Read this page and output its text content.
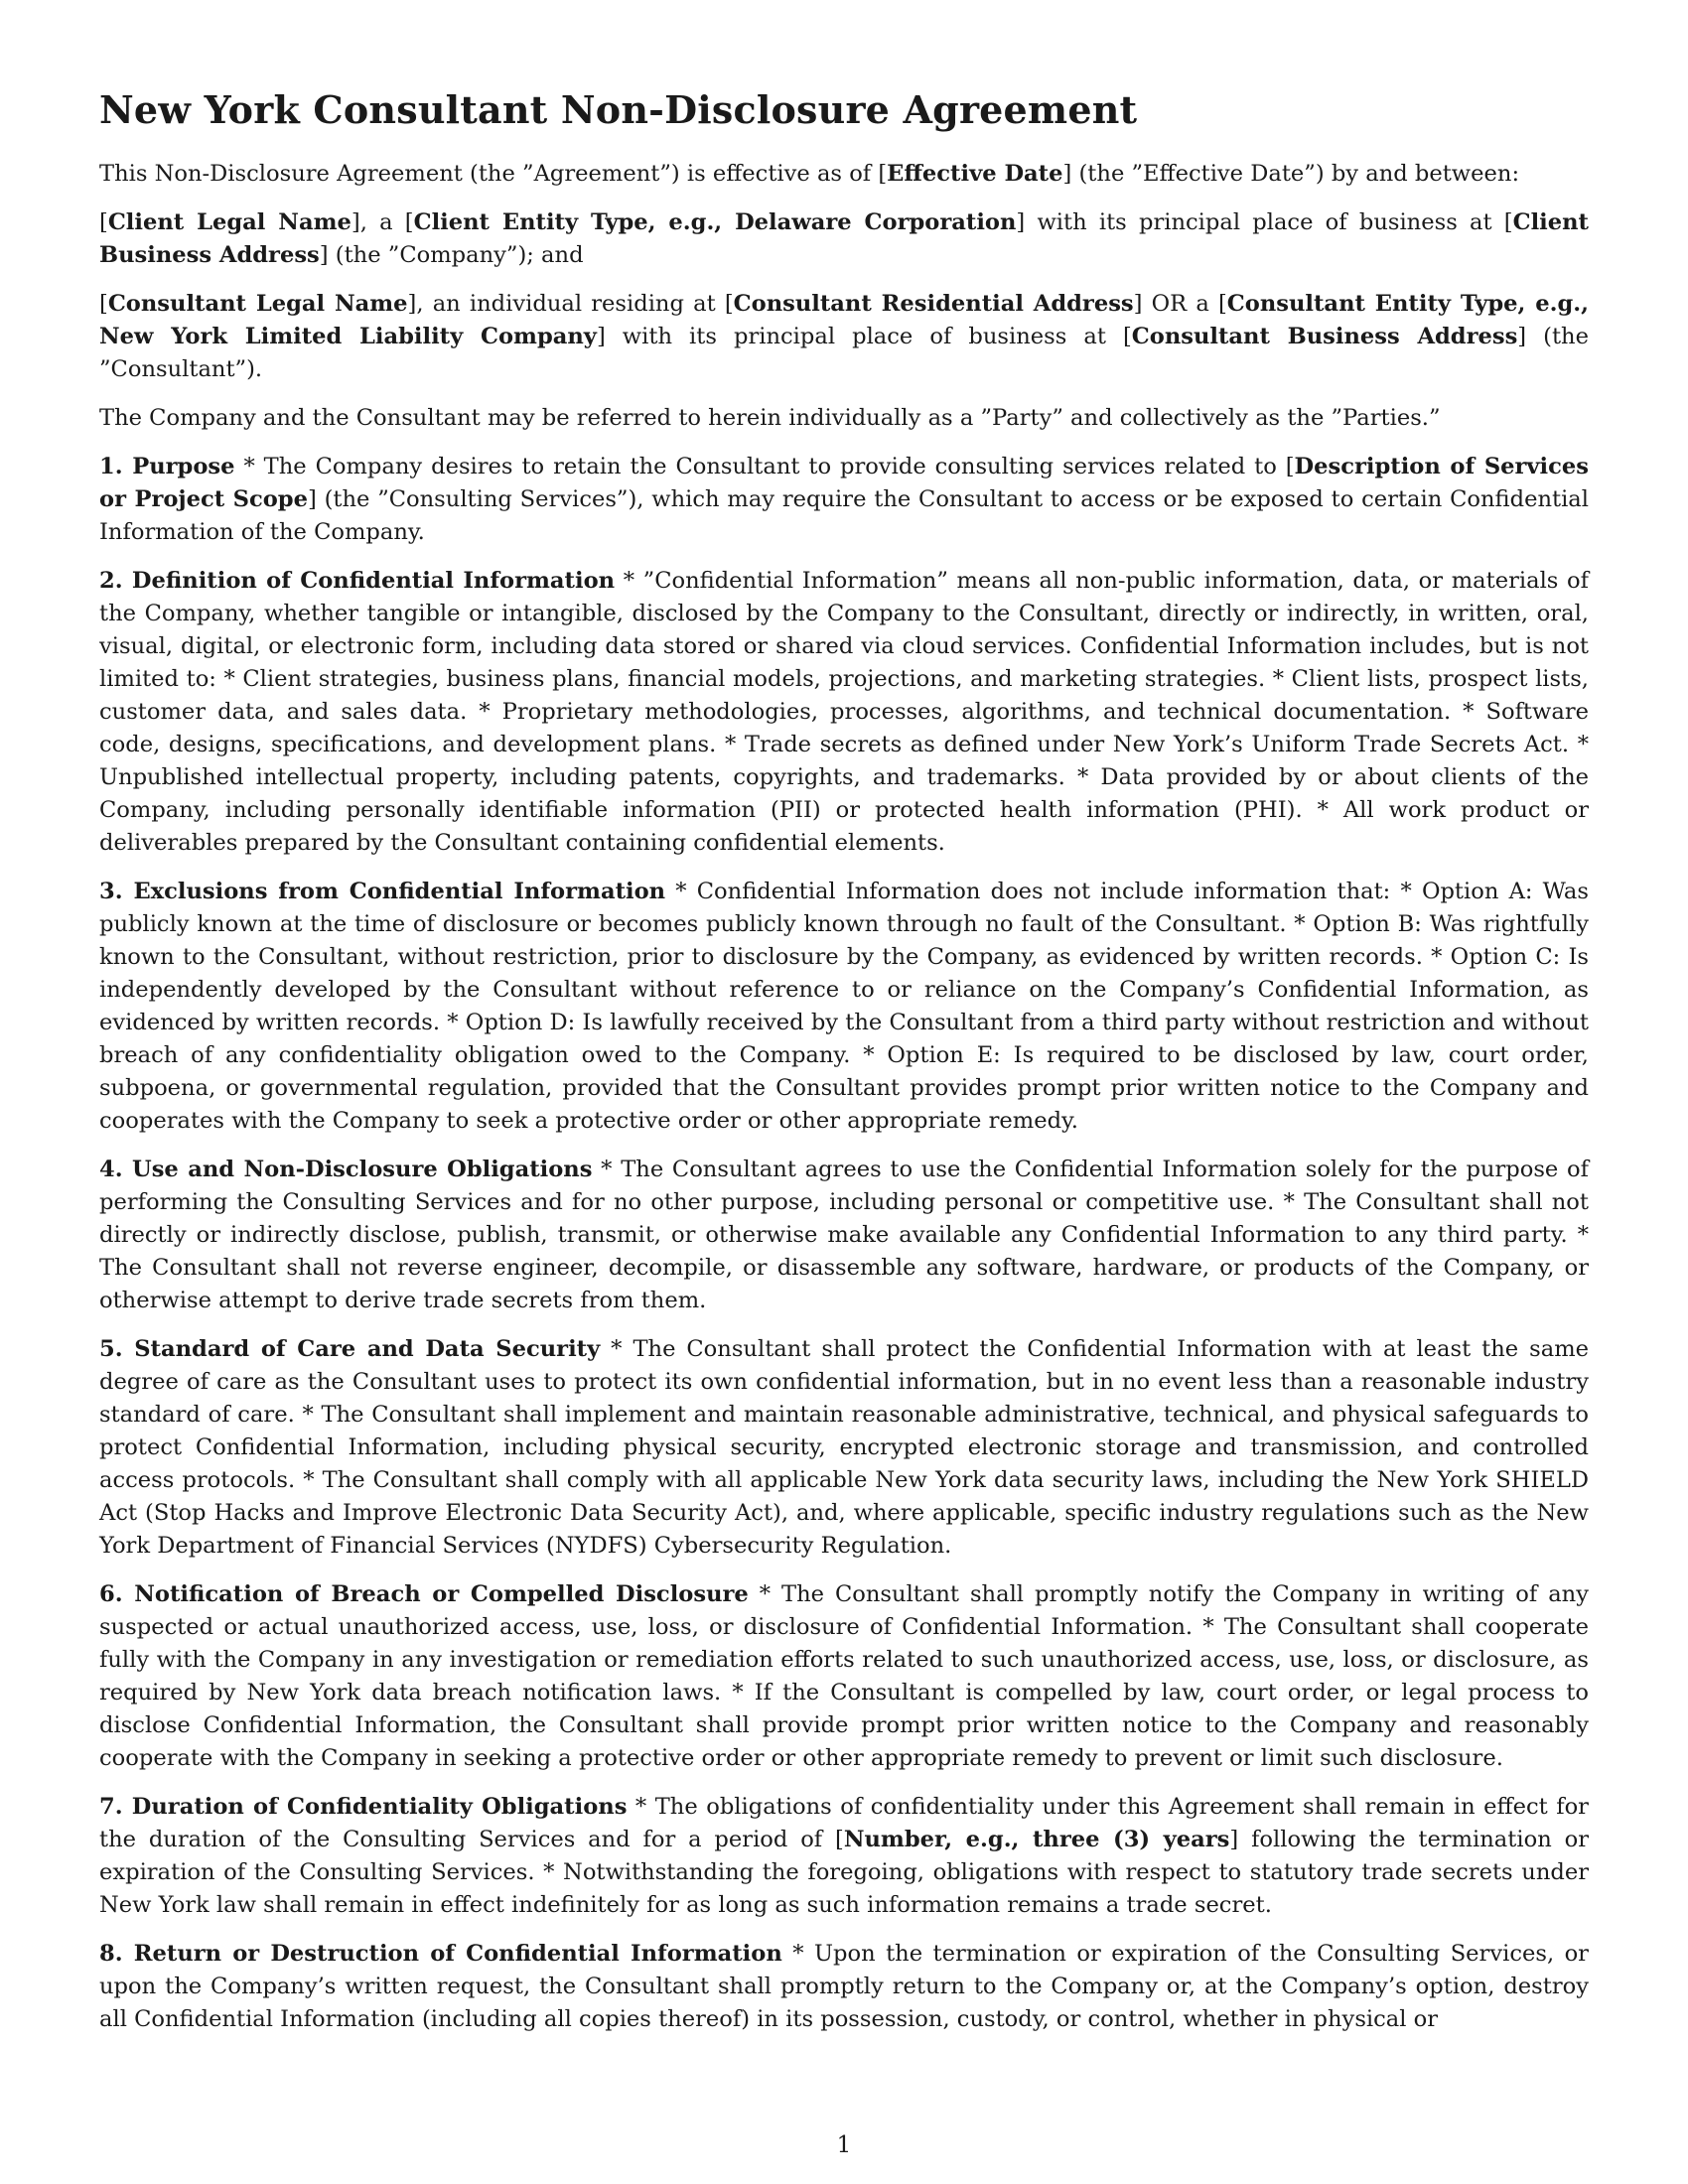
New York Consultant Non-Disclosure Agreement

This Non-Disclosure Agreement (the ”Agreement”) is effective as of [Effective Date] (the ”Effective Date”) by and between:

[Client Legal Name], a [Client Entity Type, e.g., Delaware Corporation] with its principal place of business at [Client Business Address] (the ”Company”); and

[Consultant Legal Name], an individual residing at [Consultant Residential Address] OR a [Consultant Entity Type, e.g., New York Limited Liability Company] with its principal place of business at [Consultant Business Address] (the ”Consultant”).

The Company and the Consultant may be referred to herein individually as a ”Party” and collectively as the ”Parties.”

1. Purpose * The Company desires to retain the Consultant to provide consulting services related to [Description of Services or Project Scope] (the ”Consulting Services”), which may require the Consultant to access or be exposed to certain Confidential Information of the Company.

2. Definition of Confidential Information * ”Confidential Information” means all non-public information, data, or materials of the Company, whether tangible or intangible, disclosed by the Company to the Consultant, directly or indirectly, in written, oral, visual, digital, or electronic form, including data stored or shared via cloud services. Confidential Information includes, but is not limited to: * Client strategies, business plans, financial models, projections, and marketing strategies. * Client lists, prospect lists, customer data, and sales data. * Proprietary methodologies, processes, algorithms, and technical documentation. * Software code, designs, specifications, and development plans. * Trade secrets as defined under New York’s Uniform Trade Secrets Act. * Unpublished intellectual property, including patents, copyrights, and trademarks. * Data provided by or about clients of the Company, including personally identifiable information (PII) or protected health information (PHI). * All work product or deliverables prepared by the Consultant containing confidential elements.

3. Exclusions from Confidential Information * Confidential Information does not include information that: * Option A: Was publicly known at the time of disclosure or becomes publicly known through no fault of the Consultant. * Option B: Was rightfully known to the Consultant, without restriction, prior to disclosure by the Company, as evidenced by written records. * Option C: Is independently developed by the Consultant without reference to or reliance on the Company’s Confidential Information, as evidenced by written records. * Option D: Is lawfully received by the Consultant from a third party without restriction and without breach of any confidentiality obligation owed to the Company. * Option E: Is required to be disclosed by law, court order, subpoena, or governmental regulation, provided that the Consultant provides prompt prior written notice to the Company and cooperates with the Company to seek a protective order or other appropriate remedy.

4. Use and Non-Disclosure Obligations * The Consultant agrees to use the Confidential Information solely for the purpose of performing the Consulting Services and for no other purpose, including personal or competitive use. * The Consultant shall not directly or indirectly disclose, publish, transmit, or otherwise make available any Confidential Information to any third party. * The Consultant shall not reverse engineer, decompile, or disassemble any software, hardware, or products of the Company, or otherwise attempt to derive trade secrets from them.

5. Standard of Care and Data Security * The Consultant shall protect the Confidential Information with at least the same degree of care as the Consultant uses to protect its own confidential information, but in no event less than a reasonable industry standard of care. * The Consultant shall implement and maintain reasonable administrative, technical, and physical safeguards to protect Confidential Information, including physical security, encrypted electronic storage and transmission, and controlled access protocols. * The Consultant shall comply with all applicable New York data security laws, including the New York SHIELD Act (Stop Hacks and Improve Electronic Data Security Act), and, where applicable, specific industry regulations such as the New York Department of Financial Services (NYDFS) Cybersecurity Regulation.

6. Notification of Breach or Compelled Disclosure * The Consultant shall promptly notify the Company in writing of any suspected or actual unauthorized access, use, loss, or disclosure of Confidential Information. * The Consultant shall cooperate fully with the Company in any investigation or remediation efforts related to such unauthorized access, use, loss, or disclosure, as required by New York data breach notification laws. * If the Consultant is compelled by law, court order, or legal process to disclose Confidential Information, the Consultant shall provide prompt prior written notice to the Company and reasonably cooperate with the Company in seeking a protective order or other appropriate remedy to prevent or limit such disclosure.

7. Duration of Confidentiality Obligations * The obligations of confidentiality under this Agreement shall remain in effect for the duration of the Consulting Services and for a period of [Number, e.g., three (3) years] following the termination or expiration of the Consulting Services. * Notwithstanding the foregoing, obligations with respect to statutory trade secrets under New York law shall remain in effect indefinitely for as long as such information remains a trade secret.

8. Return or Destruction of Confidential Information * Upon the termination or expiration of the Consulting Services, or upon the Company’s written request, the Consultant shall promptly return to the Company or, at the Company’s option, destroy all Confidential Information (including all copies thereof) in its possession, custody, or control, whether in physical or

1
